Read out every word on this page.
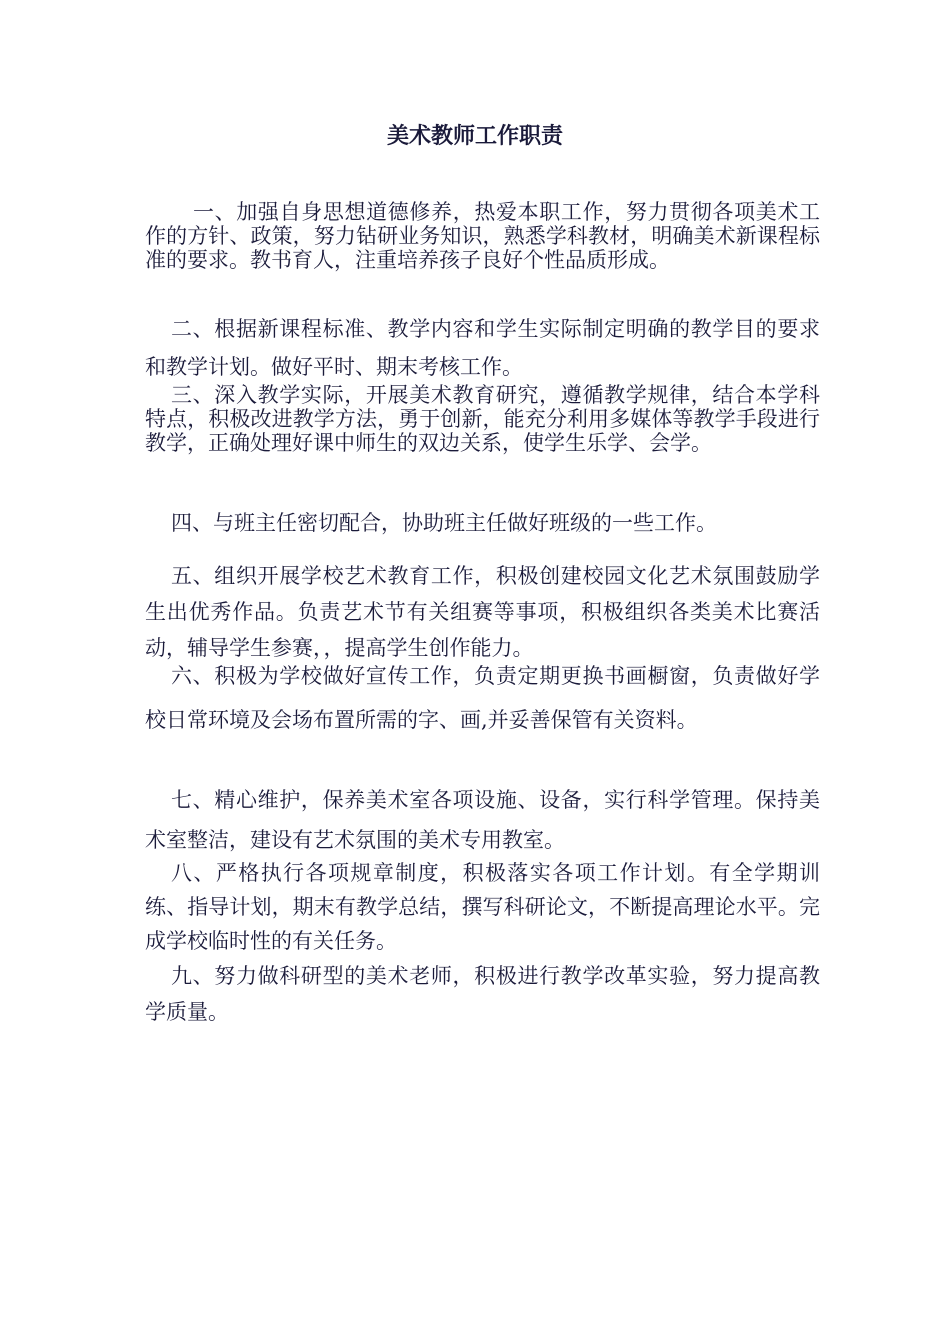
美术教师工作职责

一、加强自身思想道德修养，热爱本职工作，努力贯彻各项美术工作的方针、政策，努力钻研业务知识，熟悉学科教材，明确美术新课程标准的要求。教书育人，注重培养孩子良好个性品质形成。

二、根据新课程标准、教学内容和学生实际制定明确的教学目的要求和教学计划。做好平时、期末考核工作。

三、深入教学实际，开展美术教育研究，遵循教学规律，结合本学科特点，积极改进教学方法，勇于创新，能充分利用多媒体等教学手段进行教学，正确处理好课中师生的双边关系，使学生乐学、会学。

四、与班主任密切配合，协助班主任做好班级的一些工作。

五、组织开展学校艺术教育工作，积极创建校园文化艺术氛围鼓励学生出优秀作品。负责艺术节有关组赛等事项，积极组织各类美术比赛活动，辅导学生参赛，，提高学生创作能力。

六、积极为学校做好宣传工作，负责定期更换书画橱窗，负责做好学校日常环境及会场布置所需的字、画,并妥善保管有关资料。

七、精心维护，保养美术室各项设施、设备，实行科学管理。保持美术室整洁，建设有艺术氛围的美术专用教室。

八、严格执行各项规章制度，积极落实各项工作计划。有全学期训练、指导计划，期末有教学总结，撰写科研论文，不断提高理论水平。完成学校临时性的有关任务。

九、努力做科研型的美术老师，积极进行教学改革实验，努力提高教学质量。
